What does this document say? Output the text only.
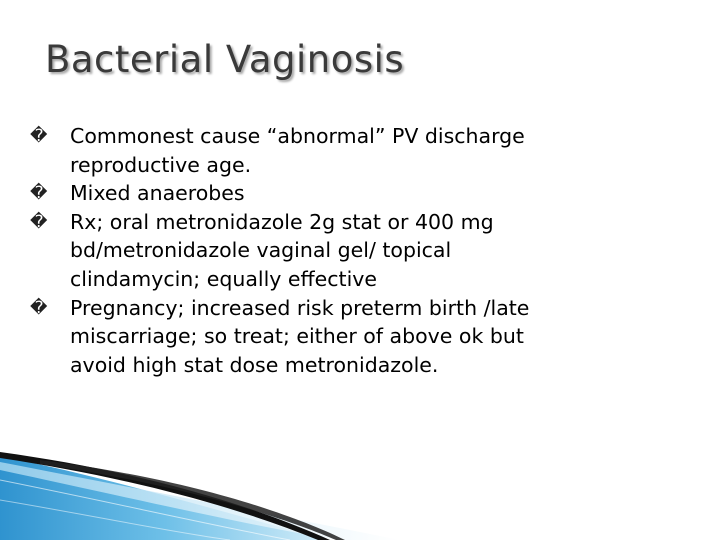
Bacterial Vaginosis
�	Commonest cause “abnormal” PV discharge
reproductive age.
�	Mixed anaerobes
�	Rx; oral metronidazole 2g stat or 400 mg
bd/metronidazole vaginal gel/ topical
clindamycin; equally effective
�	Pregnancy; increased risk preterm birth /late
miscarriage; so treat; either of above ok but
avoid high stat dose metronidazole.
